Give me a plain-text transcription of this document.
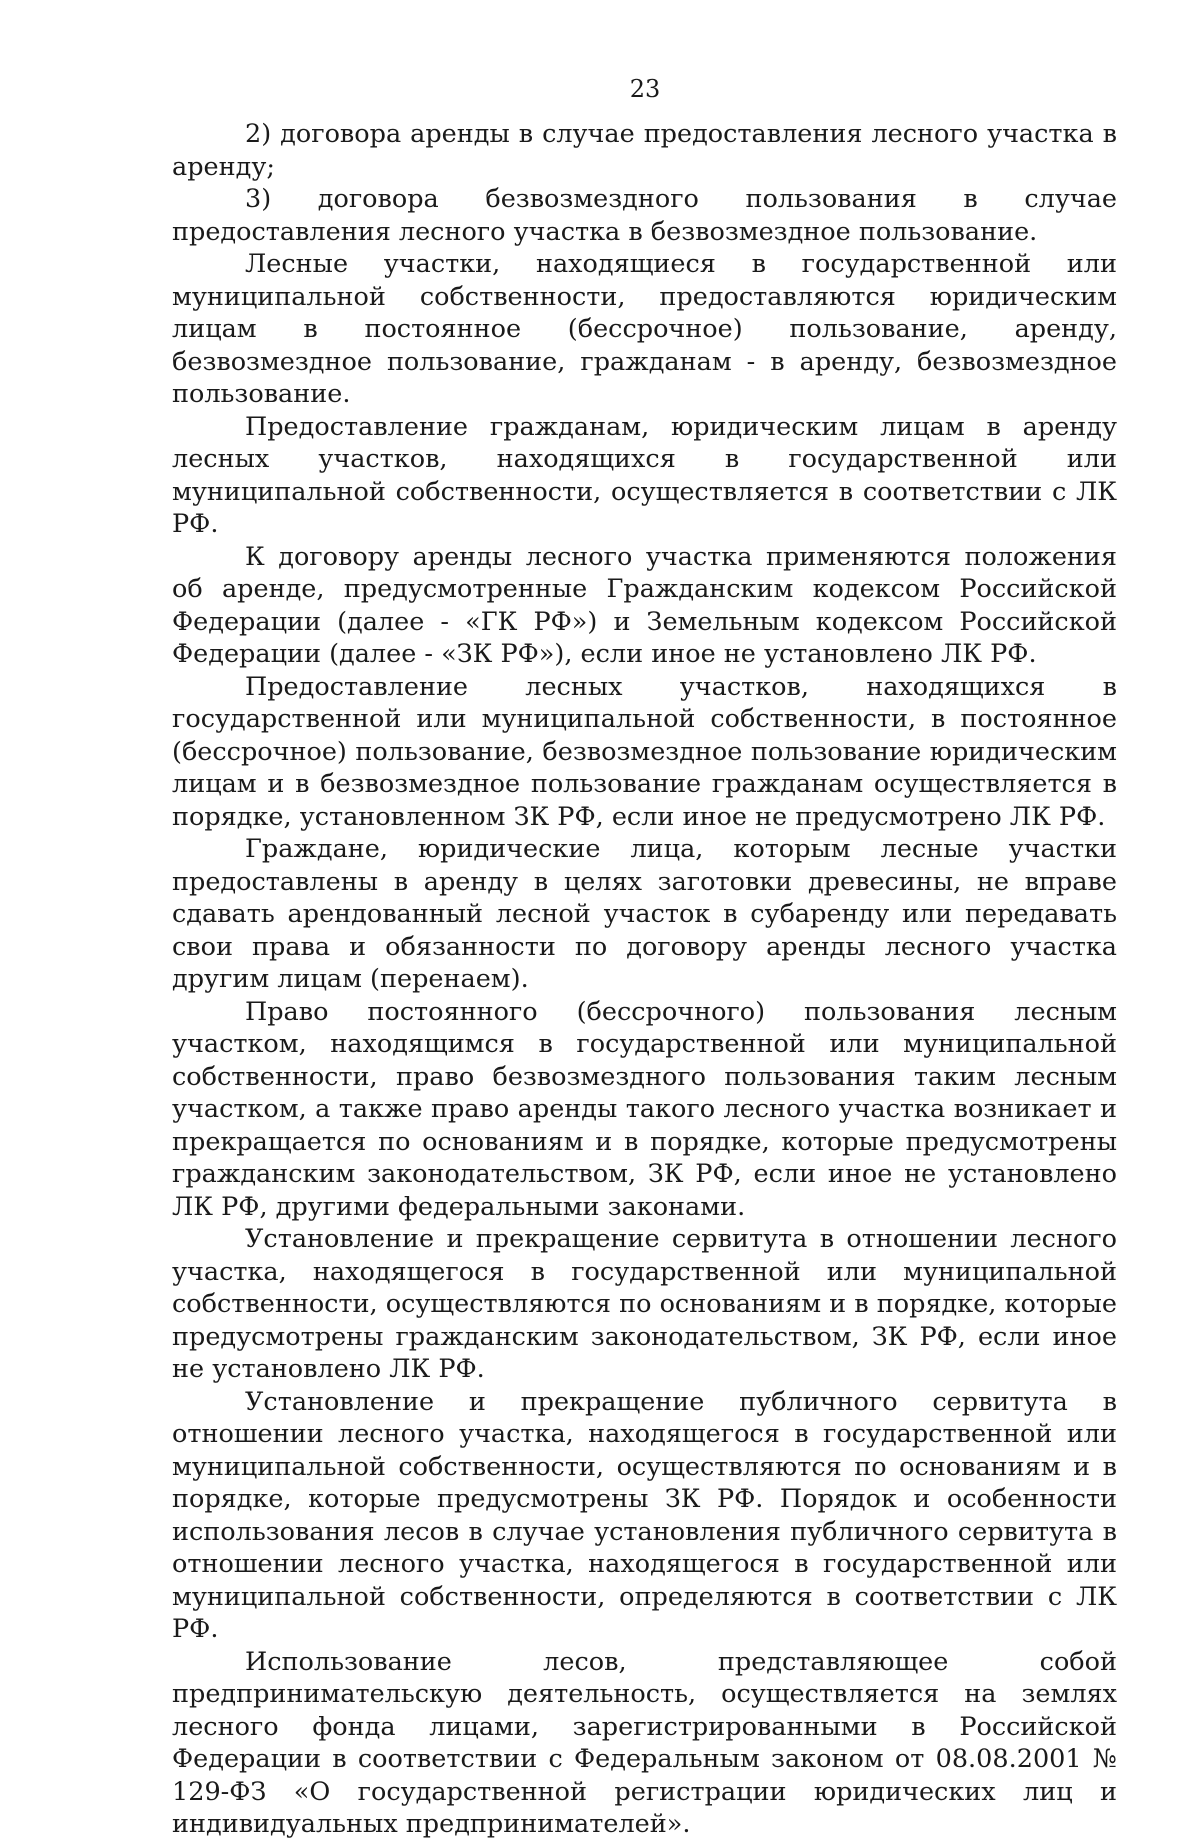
23

2) договора аренды в случае предоставления лесного участка в аренду;

3) договора безвозмездного пользования в случае предоставления лесного участка в безвозмездное пользование.

Лесные участки, находящиеся в государственной или муниципальной собственности, предоставляются юридическим лицам в постоянное (бессрочное) пользование, аренду, безвозмездное пользование, гражданам - в аренду, безвозмездное пользование.

Предоставление гражданам, юридическим лицам в аренду лесных участков, находящихся в государственной или муниципальной собственности, осуществляется в соответствии с ЛК РФ.

К договору аренды лесного участка применяются положения об аренде, предусмотренные Гражданским кодексом Российской Федерации (далее - «ГК РФ») и Земельным кодексом Российской Федерации (далее - «ЗК РФ»), если иное не установлено ЛК РФ.

Предоставление лесных участков, находящихся в государственной или муниципальной собственности, в постоянное (бессрочное) пользование, безвозмездное пользование юридическим лицам и в безвозмездное пользование гражданам осуществляется в порядке, установленном ЗК РФ, если иное не предусмотрено ЛК РФ.

Граждане, юридические лица, которым лесные участки предоставлены в аренду в целях заготовки древесины, не вправе сдавать арендованный лесной участок в субаренду или передавать свои права и обязанности по договору аренды лесного участка другим лицам (перенаем).

Право постоянного (бессрочного) пользования лесным участком, находящимся в государственной или муниципальной собственности, право безвозмездного пользования таким лесным участком, а также право аренды такого лесного участка возникает и прекращается по основаниям и в порядке, которые предусмотрены гражданским законодательством, ЗК РФ, если иное не установлено ЛК РФ, другими федеральными законами.

Установление и прекращение сервитута в отношении лесного участка, находящегося в государственной или муниципальной собственности, осуществляются по основаниям и в порядке, которые предусмотрены гражданским законодательством, ЗК РФ, если иное не установлено ЛК РФ.

Установление и прекращение публичного сервитута в отношении лесного участка, находящегося в государственной или муниципальной собственности, осуществляются по основаниям и в порядке, которые предусмотрены ЗК РФ. Порядок и особенности использования лесов в случае установления публичного сервитута в отношении лесного участка, находящегося в государственной или муниципальной собственности, определяются в соответствии с ЛК РФ.

Использование лесов, представляющее собой предпринимательскую деятельность, осуществляется на землях лесного фонда лицами, зарегистрированными в Российской Федерации в соответствии с Федеральным законом от 08.08.2001 № 129-ФЗ «О государственной регистрации юридических лиц и индивидуальных предпринимателей».
